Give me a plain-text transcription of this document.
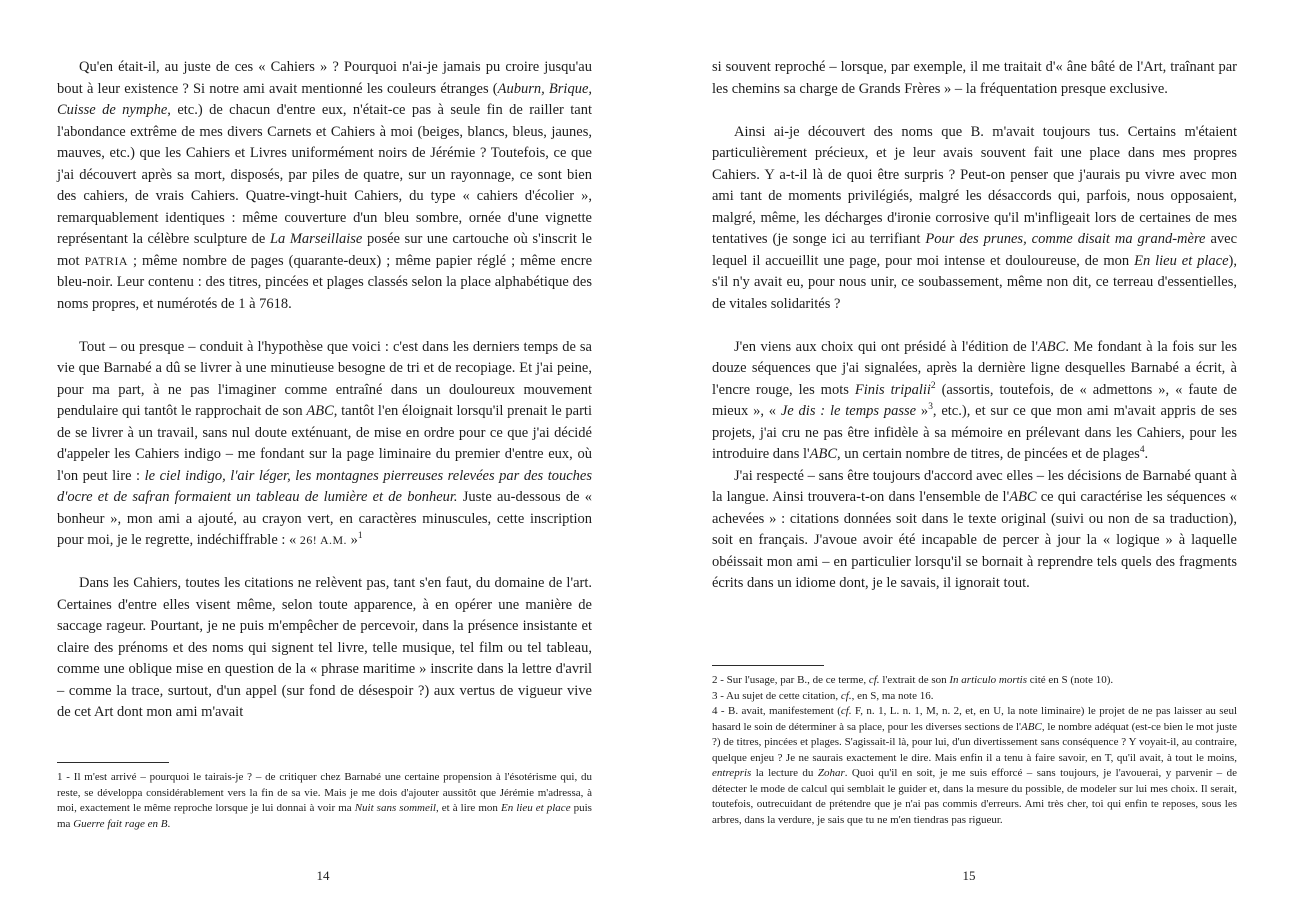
Qu'en était-il, au juste de ces « Cahiers » ? Pourquoi n'ai-je jamais pu croire jusqu'au bout à leur existence ? Si notre ami avait mentionné les couleurs étranges (Auburn, Brique, Cuisse de nymphe, etc.) de chacun d'entre eux, n'était-ce pas à seule fin de railler tant l'abondance extrême de mes divers Carnets et Cahiers à moi (beiges, blancs, bleus, jaunes, mauves, etc.) que les Cahiers et Livres uniformément noirs de Jérémie ? Toutefois, ce que j'ai découvert après sa mort, disposés, par piles de quatre, sur un rayonnage, ce sont bien des cahiers, de vrais Cahiers. Quatre-vingt-huit Cahiers, du type « cahiers d'écolier », remarquablement identiques : même couverture d'un bleu sombre, ornée d'une vignette représentant la célèbre sculpture de La Marseillaise posée sur une cartouche où s'inscrit le mot PATRIA ; même nombre de pages (quarante-deux) ; même papier réglé ; même encre bleu-noir. Leur contenu : des titres, pincées et plages classés selon la place alphabétique des noms propres, et numérotés de 1 à 7618.

Tout – ou presque – conduit à l'hypothèse que voici : c'est dans les derniers temps de sa vie que Barnabé a dû se livrer à une minutieuse besogne de tri et de recopiage. Et j'ai peine, pour ma part, à ne pas l'imaginer comme entraîné dans un douloureux mouvement pendulaire qui tantôt le rapprochait de son ABC, tantôt l'en éloignait lorsqu'il prenait le parti de se livrer à un travail, sans nul doute exténuant, de mise en ordre pour ce que j'ai décidé d'appeler les Cahiers indigo – me fondant sur la page liminaire du premier d'entre eux, où l'on peut lire : le ciel indigo, l'air léger, les montagnes pierreuses relevées par des touches d'ocre et de safran formaient un tableau de lumière et de bonheur. Juste au-dessous de « bonheur », mon ami a ajouté, au crayon vert, en caractères minuscules, cette inscription pour moi, je le regrette, indéchiffrable : « 26! A.M. »$^1$

Dans les Cahiers, toutes les citations ne relèvent pas, tant s'en faut, du domaine de l'art. Certaines d'entre elles visent même, selon toute apparence, à en opérer une manière de saccage rageur. Pourtant, je ne puis m'empêcher de percevoir, dans la présence insistante et claire des prénoms et des noms qui signent tel livre, telle musique, tel film ou tel tableau, comme une oblique mise en question de la « phrase maritime » inscrite dans la lettre d'avril – comme la trace, surtout, d'un appel (sur fond de désespoir ?) aux vertus de vigueur vive de cet Art dont mon ami m'avait

1 - Il m'est arrivé – pourquoi le tairais-je ? – de critiquer chez Barnabé une certaine propension à l'ésotérisme qui, du reste, se développa considérablement vers la fin de sa vie. Mais je me dois d'ajouter aussitôt que Jérémie m'adressa, à moi, exactement le même reproche lorsque je lui donnai à voir ma Nuit sans sommeil, et à lire mon En lieu et place puis ma Guerre fait rage en B.

14

si souvent reproché – lorsque, par exemple, il me traitait d'« âne bâté de l'Art, traînant par les chemins sa charge de Grands Frères » – la fréquentation presque exclusive.

Ainsi ai-je découvert des noms que B. m'avait toujours tus. Certains m'étaient particulièrement précieux, et je leur avais souvent fait une place dans mes propres Cahiers. Y a-t-il là de quoi être surpris ? Peut-on penser que j'aurais pu vivre avec mon ami tant de moments privilégiés, malgré les désaccords qui, parfois, nous opposaient, malgré, même, les décharges d'ironie corrosive qu'il m'infligeait lors de certaines de mes tentatives (je songe ici au terrifiant Pour des prunes, comme disait ma grand-mère avec lequel il accueillit une page, pour moi intense et douloureuse, de mon En lieu et place), s'il n'y avait eu, pour nous unir, ce soubassement, même non dit, ce terreau d'essentielles, de vitales solidarités ?

J'en viens aux choix qui ont présidé à l'édition de l'ABC. Me fondant à la fois sur les douze séquences que j'ai signalées, après la dernière ligne desquelles Barnabé a écrit, à l'encre rouge, les mots Finis tripalii$^2$ (assortis, toutefois, de « admettons », « faute de mieux », « Je dis : le temps passe »$^3$, etc.), et sur ce que mon ami m'avait appris de ses projets, j'ai cru ne pas être infidèle à sa mémoire en prélevant dans les Cahiers, pour les introduire dans l'ABC, un certain nombre de titres, de pincées et de plages$^4$.

J'ai respecté – sans être toujours d'accord avec elles – les décisions de Barnabé quant à la langue. Ainsi trouvera-t-on dans l'ensemble de l'ABC ce qui caractérise les séquences « achevées » : citations données soit dans le texte original (suivi ou non de sa traduction), soit en français. J'avoue avoir été incapable de percer à jour la « logique » à laquelle obéissait mon ami – en particulier lorsqu'il se bornait à reprendre tels quels des fragments écrits dans un idiome dont, je le savais, il ignorait tout.

2 - Sur l'usage, par B., de ce terme, cf. l'extrait de son In articulo mortis cité en S (note 10).

3 - Au sujet de cette citation, cf., en S, ma note 16.

4 - B. avait, manifestement (cf. F, n. 1, L. n. 1, M, n. 2, et, en U, la note liminaire) le projet de ne pas laisser au seul hasard le soin de déterminer à sa place, pour les diverses sections de l'ABC, le nombre adéquat (est-ce bien le mot juste ?) de titres, pincées et plages. S'agissait-il là, pour lui, d'un divertissement sans conséquence ? Y voyait-il, au contraire, quelque enjeu ? Je ne saurais exactement le dire. Mais enfin il a tenu à faire savoir, en T, qu'il avait, à tout le moins, entrepris la lecture du Zohar. Quoi qu'il en soit, je me suis efforcé – sans toujours, je l'avouerai, y parvenir – de détecter le mode de calcul qui semblait le guider et, dans la mesure du possible, de modeler sur lui mes choix. Il serait, toutefois, outrecuidant de prétendre que je n'ai pas commis d'erreurs. Ami très cher, toi qui enfin te reposes, sous les arbres, dans la verdure, je sais que tu ne m'en tiendras pas rigueur.

15
